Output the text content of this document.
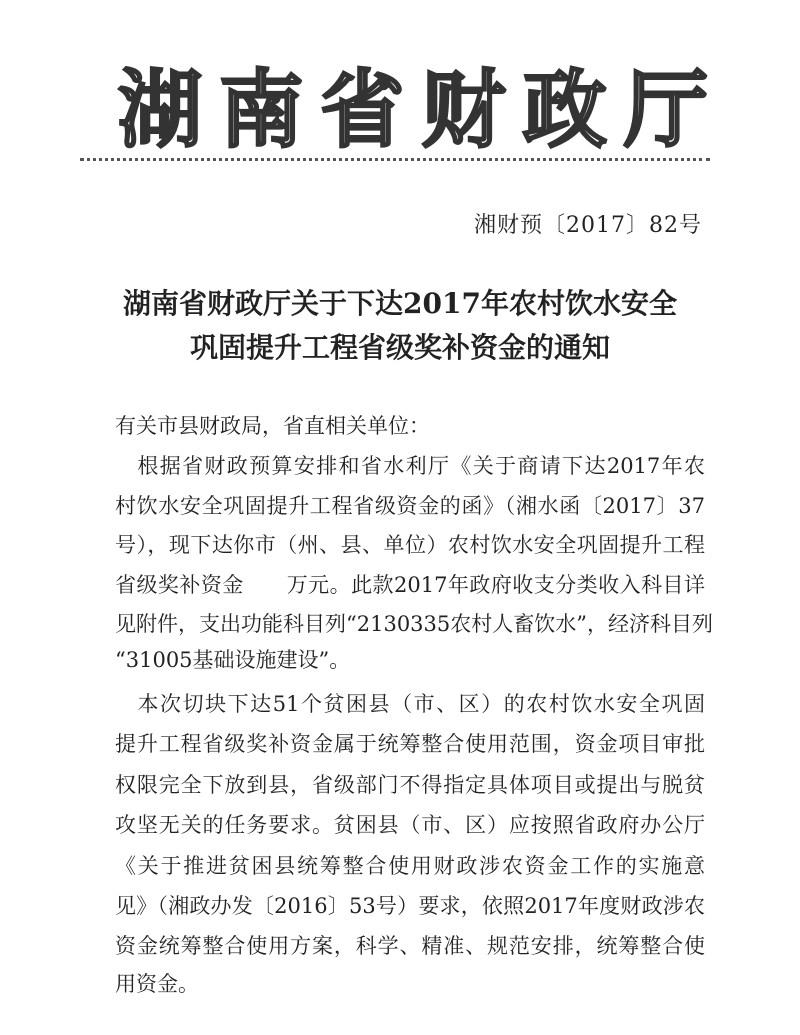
湖 南 省 财 政 厅
湘财预〔2017〕82号
湖南省财政厅关于下达2017年农村饮水安全
巩固提升工程省级奖补资金的通知
有关市县财政局，省直相关单位：
　根据省财政预算安排和省水利厅《关于商请下达2017年农
村饮水安全巩固提升工程省级资金的函》（湘水函〔2017〕37
号），现下达你市（州、县、单位）农村饮水安全巩固提升工程
省级奖补资金　　万元。此款2017年政府收支分类收入科目详
见附件，支出功能科目列“2130335农村人畜饮水”，经济科目列
“31005基础设施建设”。
　本次切块下达51个贫困县（市、区）的农村饮水安全巩固
提升工程省级奖补资金属于统筹整合使用范围，资金项目审批
权限完全下放到县，省级部门不得指定具体项目或提出与脱贫
攻坚无关的任务要求。贫困县（市、区）应按照省政府办公厅
《关于推进贫困县统筹整合使用财政涉农资金工作的实施意
见》（湘政办发〔2016〕53号）要求，依照2017年度财政涉农
资金统筹整合使用方案，科学、精准、规范安排，统筹整合使
用资金。
